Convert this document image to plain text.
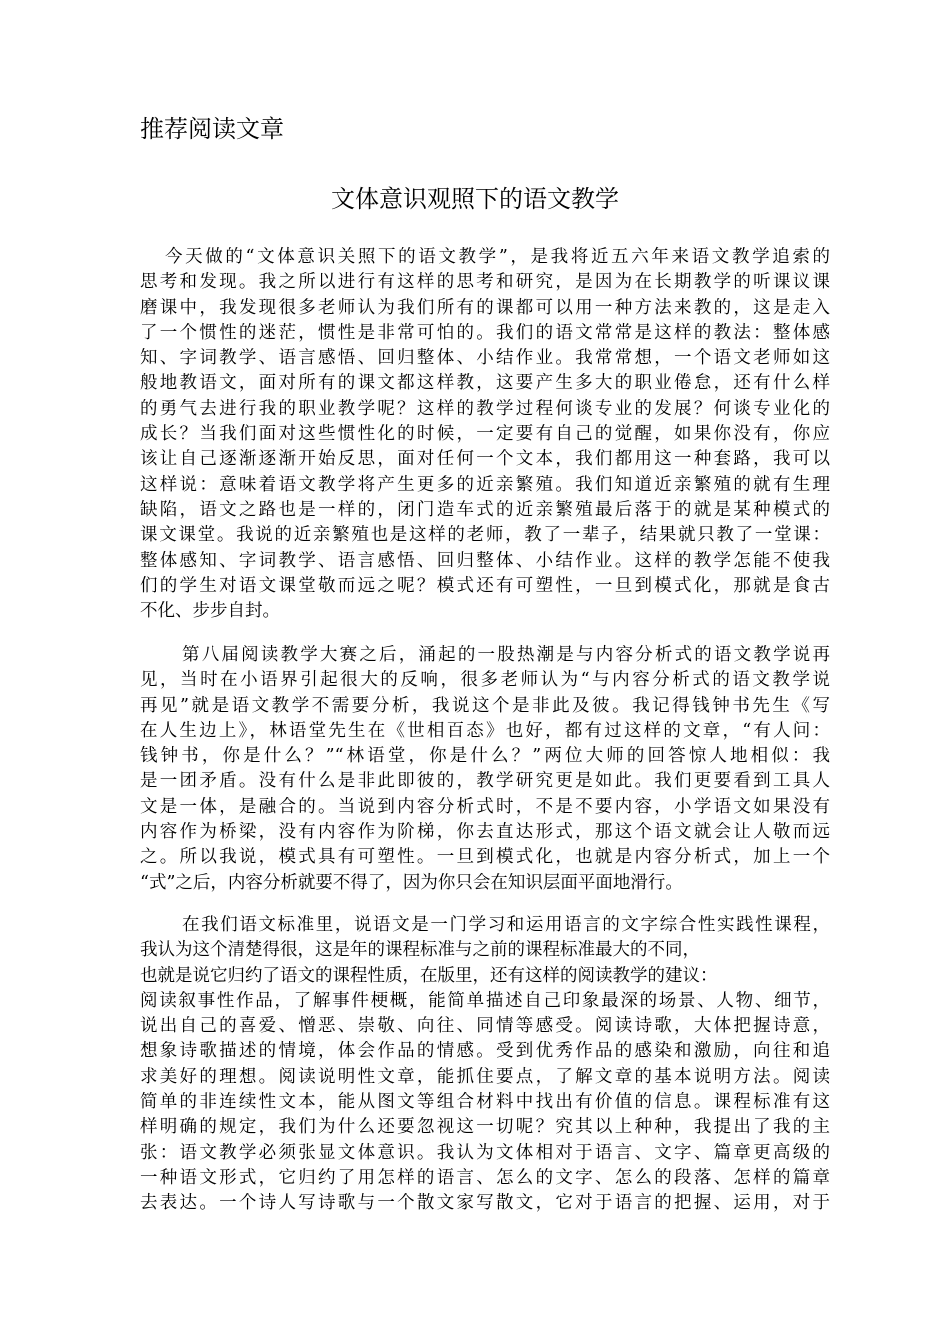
推荐阅读文章
文体意识观照下的语文教学
今天做的“文体意识关照下的语文教学”，是我将近五六年来语文教学追索的
思考和发现。我之所以进行有这样的思考和研究，是因为在长期教学的听课议课
磨课中，我发现很多老师认为我们所有的课都可以用一种方法来教的，这是走入
了一个惯性的迷茫，惯性是非常可怕的。我们的语文常常是这样的教法：整体感
知、字词教学、语言感悟、回归整体、小结作业。我常常想，一个语文老师如这
般地教语文，面对所有的课文都这样教，这要产生多大的职业倦怠，还有什么样
的勇气去进行我的职业教学呢？这样的教学过程何谈专业的发展？何谈专业化的
成长？当我们面对这些惯性化的时候，一定要有自己的觉醒，如果你没有，你应
该让自己逐渐逐渐开始反思，面对任何一个文本，我们都用这一种套路，我可以
这样说：意味着语文教学将产生更多的近亲繁殖。我们知道近亲繁殖的就有生理
缺陷，语文之路也是一样的，闭门造车式的近亲繁殖最后落于的就是某种模式的
课文课堂。我说的近亲繁殖也是这样的老师，教了一辈子，结果就只教了一堂课：
整体感知、字词教学、语言感悟、回归整体、小结作业。这样的教学怎能不使我
们的学生对语文课堂敬而远之呢？模式还有可塑性，一旦到模式化，那就是食古
不化、步步自封。
第八届阅读教学大赛之后，涌起的一股热潮是与内容分析式的语文教学说再
见，当时在小语界引起很大的反响，很多老师认为“与内容分析式的语文教学说
再见”就是语文教学不需要分析，我说这个是非此及彼。我记得钱钟书先生《写
在人生边上》，林语堂先生在《世相百态》也好，都有过这样的文章，“有人问：
钱钟书，你是什么？”“林语堂，你是什么？”两位大师的回答惊人地相似：我
是一团矛盾。没有什么是非此即彼的，教学研究更是如此。我们更要看到工具人
文是一体，是融合的。当说到内容分析式时，不是不要内容，小学语文如果没有
内容作为桥梁，没有内容作为阶梯，你去直达形式，那这个语文就会让人敬而远
之。所以我说，模式具有可塑性。一旦到模式化，也就是内容分析式，加上一个
“式”之后，内容分析就要不得了，因为你只会在知识层面平面地滑行。
在我们语文标准里，说语文是一门学习和运用语言的文字综合性实践性课程，
我认为这个清楚得很，这是年的课程标准与之前的课程标准最大的不同，
也就是说它归约了语文的课程性质，在版里，还有这样的阅读教学的建议：
阅读叙事性作品，了解事件梗概，能简单描述自己印象最深的场景、人物、细节，
说出自己的喜爱、憎恶、崇敬、向往、同情等感受。阅读诗歌，大体把握诗意，
想象诗歌描述的情境，体会作品的情感。受到优秀作品的感染和激励，向往和追
求美好的理想。阅读说明性文章，能抓住要点，了解文章的基本说明方法。阅读
简单的非连续性文本，能从图文等组合材料中找出有价值的信息。课程标准有这
样明确的规定，我们为什么还要忽视这一切呢？究其以上种种，我提出了我的主
张：语文教学必须张显文体意识。我认为文体相对于语言、文字、篇章更高级的
一种语文形式，它归约了用怎样的语言、怎么的文字、怎么的段落、怎样的篇章
去表达。一个诗人写诗歌与一个散文家写散文，它对于语言的把握、运用，对于
